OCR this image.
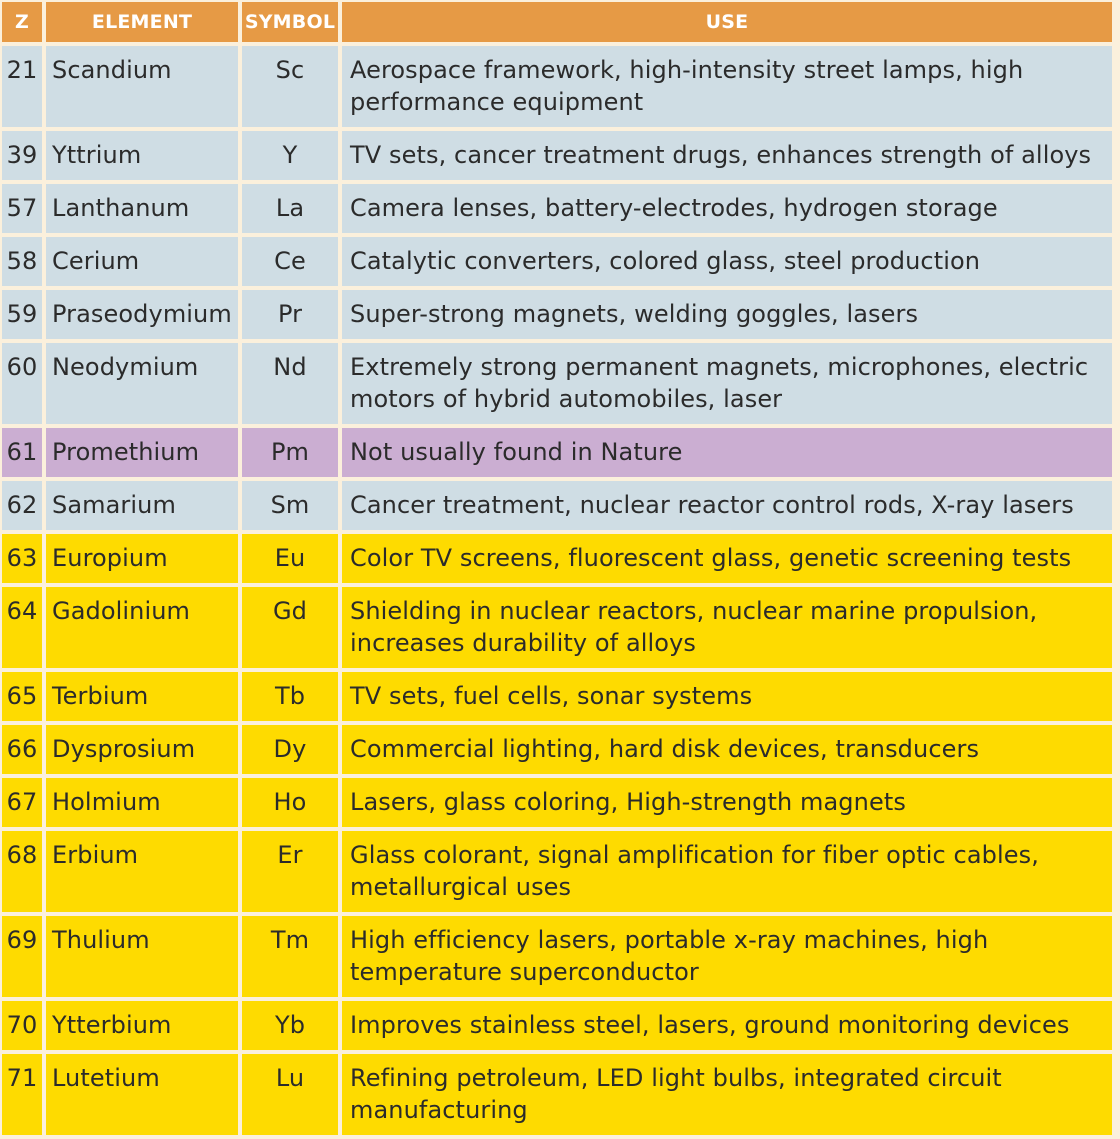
Z	ELEMENT	SYMBOL	USE
21	Scandium	Sc	Aerospace framework, high-intensity street lamps, high performance equipment
39	Yttrium	Y	TV sets, cancer treatment drugs, enhances strength of alloys
57	Lanthanum	La	Camera lenses, battery-electrodes, hydrogen storage
58	Cerium	Ce	Catalytic converters, colored glass, steel production
59	Praseodymium	Pr	Super-strong magnets, welding goggles, lasers
60	Neodymium	Nd	Extremely strong permanent magnets, microphones, electric motors of hybrid automobiles, laser
61	Promethium	Pm	Not usually found in Nature
62	Samarium	Sm	Cancer treatment, nuclear reactor control rods, X-ray lasers
63	Europium	Eu	Color TV screens, fluorescent glass, genetic screening tests
64	Gadolinium	Gd	Shielding in nuclear reactors, nuclear marine propulsion, increases durability of alloys
65	Terbium	Tb	TV sets, fuel cells, sonar systems
66	Dysprosium	Dy	Commercial lighting, hard disk devices, transducers
67	Holmium	Ho	Lasers, glass coloring, High-strength magnets
68	Erbium	Er	Glass colorant, signal amplification for fiber optic cables, metallurgical uses
69	Thulium	Tm	High efficiency lasers, portable x-ray machines, high temperature superconductor
70	Ytterbium	Yb	Improves stainless steel, lasers, ground monitoring devices
71	Lutetium	Lu	Refining petroleum, LED light bulbs, integrated circuit manufacturing
